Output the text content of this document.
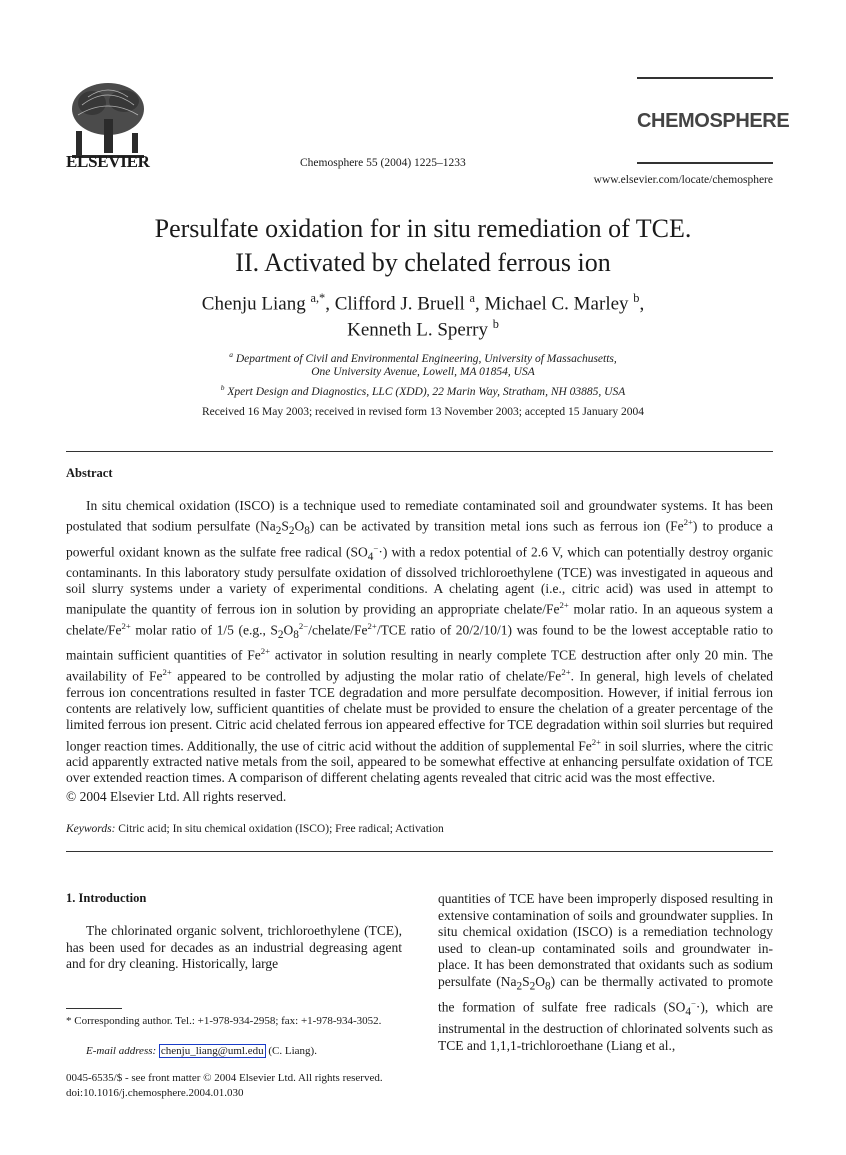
ELSEVIER	Chemosphere 55 (2004) 1225–1233
CHEMOSPHERE
www.elsevier.com/locate/chemosphere
Persulfate oxidation for in situ remediation of TCE.
II. Activated by chelated ferrous ion
Chenju Liang $^{a,*}$, Clifford J. Bruell $^a$, Michael C. Marley $^b$,
Kenneth L. Sperry $^b$
$^a$ Department of Civil and Environmental Engineering, University of Massachusetts,
One University Avenue, Lowell, MA 01854, USA
$^b$ Xpert Design and Diagnostics, LLC (XDD), 22 Marin Way, Stratham, NH 03885, USA
Received 16 May 2003; received in revised form 13 November 2003; accepted 15 January 2004
Abstract
In situ chemical oxidation (ISCO) is a technique used to remediate contaminated soil and groundwater systems. It has been postulated that sodium persulfate $(Na_2S_2O_8)$ can be activated by transition metal ions such as ferrous ion $(Fe^{2+})$ to produce a powerful oxidant known as the sulfate free radical $(SO_4^-\cdot)$ with a redox potential of 2.6 V, which can potentially destroy organic contaminants. In this laboratory study persulfate oxidation of dissolved trichloroethylene (TCE) was investigated in aqueous and soil slurry systems under a variety of experimental conditions. A chelating agent (i.e., citric acid) was used in attempt to manipulate the quantity of ferrous ion in solution by providing an appropriate chelate/$Fe^{2+}$ molar ratio. In an aqueous system a chelate/$Fe^{2+}$ molar ratio of 1/5 (e.g., $S_2O_8^{2-}/chelate/Fe^{2+}$/TCE ratio of 20/2/10/1) was found to be the lowest acceptable ratio to maintain sufficient quantities of $Fe^{2+}$ activator in solution resulting in nearly complete TCE destruction after only 20 min. The availability of $Fe^{2+}$ appeared to be controlled by adjusting the molar ratio of chelate/$Fe^{2+}$. In general, high levels of chelated ferrous ion concentrations resulted in faster TCE degradation and more persulfate decomposition. However, if initial ferrous ion contents are relatively low, sufficient quantities of chelate must be provided to ensure the chelation of a greater percentage of the limited ferrous ion present. Citric acid chelated ferrous ion appeared effective for TCE degradation within soil slurries but required longer reaction times. Additionally, the use of citric acid without the addition of supplemental $Fe^{2+}$ in soil slurries, where the citric acid apparently extracted native metals from the soil, appeared to be somewhat effective at enhancing persulfate oxidation of TCE over extended reaction times. A comparison of different chelating agents revealed that citric acid was the most effective.
© 2004 Elsevier Ltd. All rights reserved.
Keywords: Citric acid; In situ chemical oxidation (ISCO); Free radical; Activation
1. Introduction
The chlorinated organic solvent, trichloroethylene (TCE), has been used for decades as an industrial degreasing agent and for dry cleaning. Historically, large
quantities of TCE have been improperly disposed resulting in extensive contamination of soils and groundwater supplies. In situ chemical oxidation (ISCO) is a remediation technology used to clean-up contaminated soils and groundwater in-place. It has been demonstrated that oxidants such as sodium persulfate $(Na_2S_2O_8)$ can be thermally activated to promote the formation of sulfate free radicals $(SO_4^-\cdot)$, which are instrumental in the destruction of chlorinated solvents such as TCE and 1,1,1-trichloroethane (Liang et al.,
* Corresponding author. Tel.: +1-978-934-2958; fax: +1-978-934-3052.
E-mail address: chenju_liang@uml.edu (C. Liang).
0045-6535/$ - see front matter © 2004 Elsevier Ltd. All rights reserved.
doi:10.1016/j.chemosphere.2004.01.030
